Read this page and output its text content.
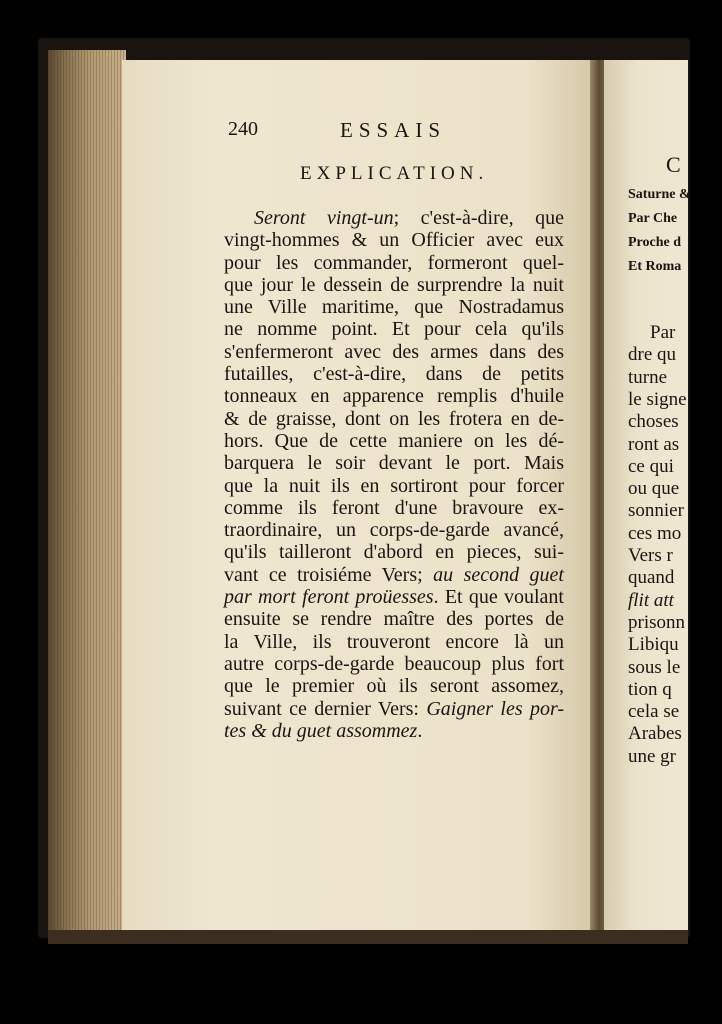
240	ESSAIS
EXPLICATION.
Seront vingt-un; c'est-à-dire, que
vingt-hommes & un Officier avec eux
pour les commander, formeront quel-
que jour le dessein de surprendre la nuit
une Ville maritime, que Nostradamus
ne nomme point. Et pour cela qu'ils
s'enfermeront avec des armes dans des
futailles, c'est-à-dire, dans de petits
tonneaux en apparence remplis d'huile
& de graisse, dont on les frotera en de-
hors. Que de cette maniere on les dé-
barquera le soir devant le port. Mais
que la nuit ils en sortiront pour forcer
comme ils feront d'une bravoure ex-
traordinaire, un corps-de-garde avancé,
qu'ils tailleront d'abord en pieces, sui-
vant ce troisiéme Vers; au second guet
par mort feront proüesses. Et que voulant
ensuite se rendre maître des portes de
la Ville, ils trouveront encore là un
autre corps-de-garde beaucoup plus fort
que le premier où ils seront assomez,
suivant ce dernier Vers: Gaigner les por-
tes & du guet assommez.
C
Saturne &
Par Che
Proche d
Et Roma
Par
dre qu
turne
le signe
choses
ront as
ce qui
ou que
sonnier
ces mo
Vers r
quand
flit att
prisonn
Libiqu
sous le
tion q
cela se
Arabes
une gr
